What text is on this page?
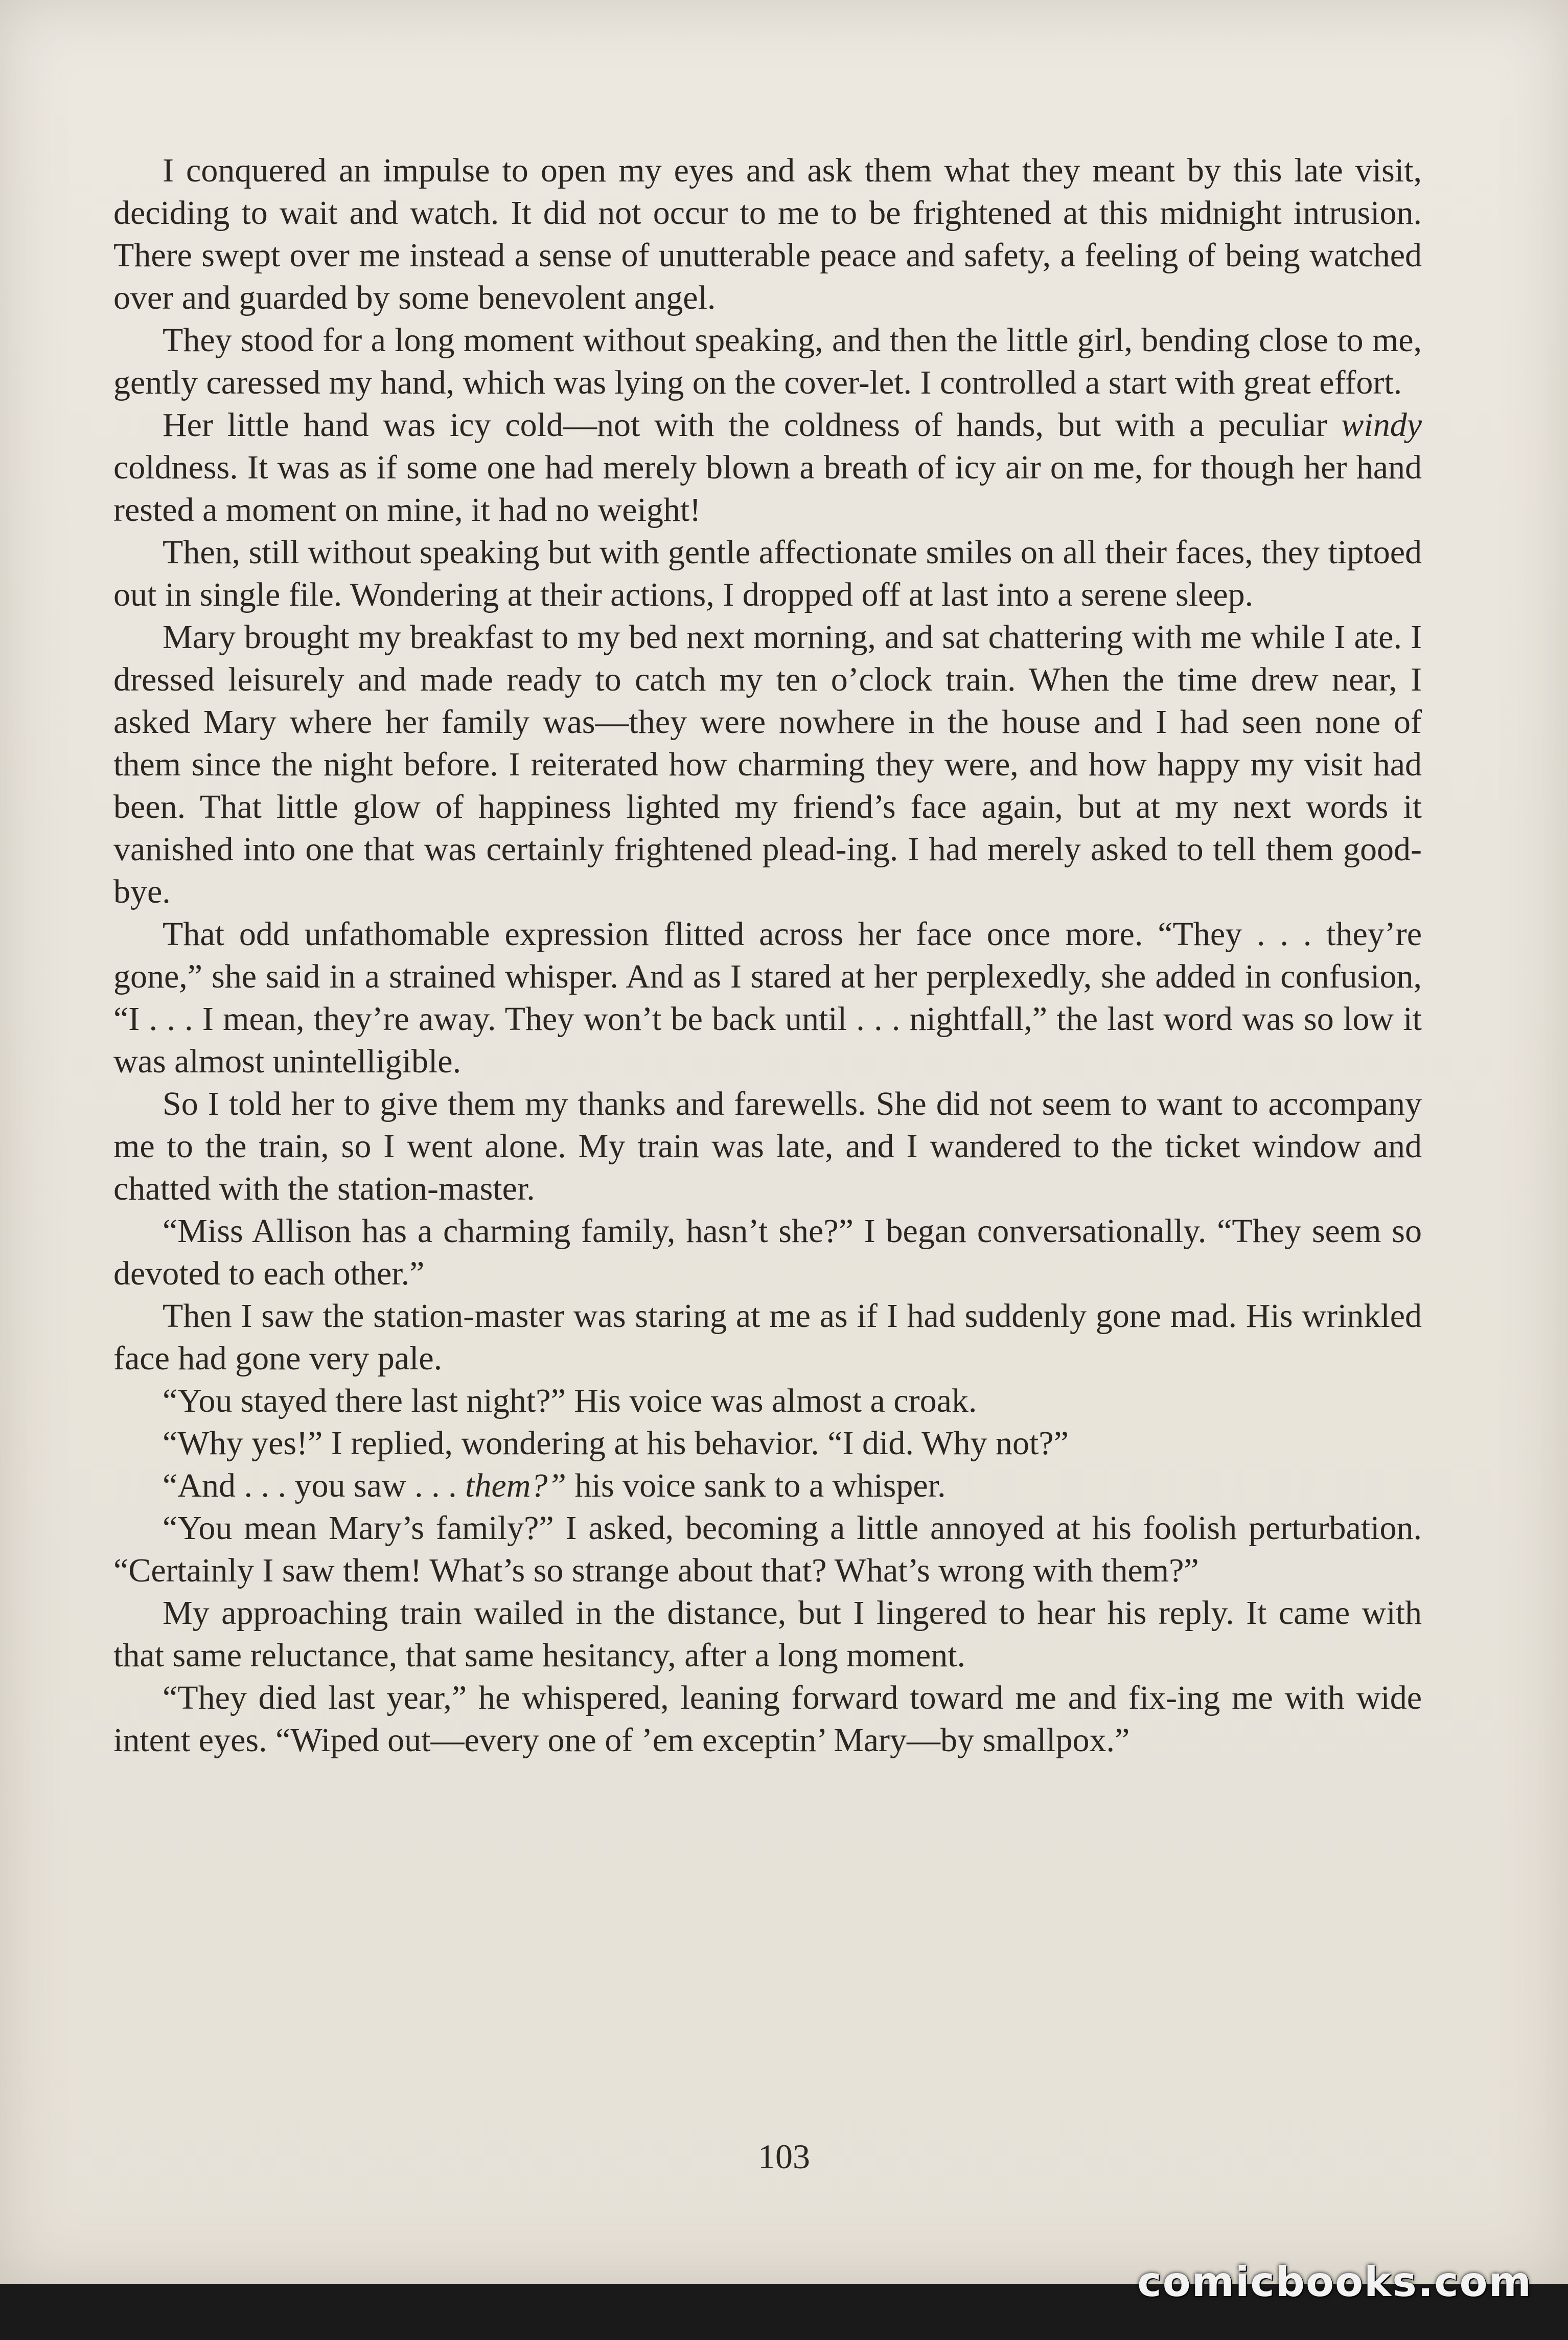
I conquered an impulse to open my eyes and ask them what they meant by this late visit, deciding to wait and watch. It did not occur to me to be frightened at this midnight intrusion. There swept over me instead a sense of unutterable peace and safety, a feeling of being watched over and guarded by some benevolent angel.

They stood for a long moment without speaking, and then the little girl, bending close to me, gently caressed my hand, which was lying on the cover-let. I controlled a start with great effort.

Her little hand was icy cold—not with the coldness of hands, but with a peculiar windy coldness. It was as if some one had merely blown a breath of icy air on me, for though her hand rested a moment on mine, it had no weight!

Then, still without speaking but with gentle affectionate smiles on all their faces, they tiptoed out in single file. Wondering at their actions, I dropped off at last into a serene sleep.

Mary brought my breakfast to my bed next morning, and sat chattering with me while I ate. I dressed leisurely and made ready to catch my ten o’clock train. When the time drew near, I asked Mary where her family was—they were nowhere in the house and I had seen none of them since the night before. I reiterated how charming they were, and how happy my visit had been. That little glow of happiness lighted my friend’s face again, but at my next words it vanished into one that was certainly frightened plead-ing. I had merely asked to tell them good-bye.

That odd unfathomable expression flitted across her face once more. “They . . . they’re gone,” she said in a strained whisper. And as I stared at her perplexedly, she added in confusion, “I . . . I mean, they’re away. They won’t be back until . . . nightfall,” the last word was so low it was almost unintelligible.

So I told her to give them my thanks and farewells. She did not seem to want to accompany me to the train, so I went alone. My train was late, and I wandered to the ticket window and chatted with the station-master.

“Miss Allison has a charming family, hasn’t she?” I began conversationally. “They seem so devoted to each other.”

Then I saw the station-master was staring at me as if I had suddenly gone mad. His wrinkled face had gone very pale.

“You stayed there last night?” His voice was almost a croak.

“Why yes!” I replied, wondering at his behavior. “I did. Why not?”

“And . . . you saw . . . them?” his voice sank to a whisper.

“You mean Mary’s family?” I asked, becoming a little annoyed at his foolish perturbation. “Certainly I saw them! What’s so strange about that? What’s wrong with them?”

My approaching train wailed in the distance, but I lingered to hear his reply. It came with that same reluctance, that same hesitancy, after a long moment.

“They died last year,” he whispered, leaning forward toward me and fix-ing me with wide intent eyes. “Wiped out—every one of ’em exceptin’ Mary—by smallpox.”

103
comicbooks.com
